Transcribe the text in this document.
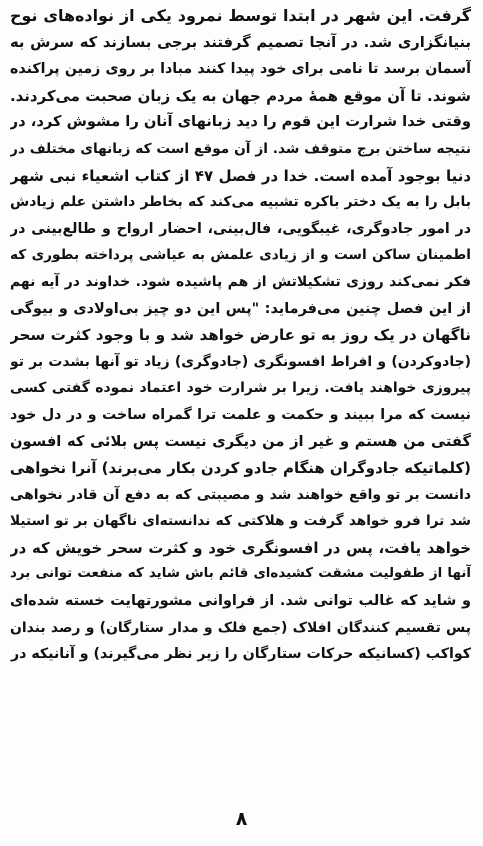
گرفت. این شهر در ابتدا توسط نمرود یکی از نوادەهای نوح
بنیانگزاری شد. در آنجا تصمیم گرفتند برجی بسازند که سرش به
آسمان برسد تا نامی برای خود پیدا کنند مبادا بر روی زمین پراکنده
شوند. تا آن موقع همهٔ مردم جهان به یک زبان صحبت می‌کردند.
وقتی خدا شرارت این قوم را دید زبانهای آنان را مشوش کرد، در
نتیجه ساختن برج متوقف شد. از آن موقع است که زبانهای مختلف در
دنیا بوجود آمده است. خدا در فصل ۴۷ از کتاب اشعیاء نبی شهر
بابل را به یک دختر باکره تشبیه می‌کند که بخاطر داشتن علم زیادش
در امور جادوگری، غیبگویی، فال‌بینی، احضار ارواح و طالع‌بینی در
اطمینان ساکن است و از زیادی علمش به عیاشی پرداخته بطوری که
فکر نمی‌کند روزی تشکیلاتش از هم پاشیده شود. خداوند در آیه نهم
از این فصل چنین می‌فرماید: "پس این دو چیز بی‌اولادی و بیوگی
ناگهان در یک روز به تو عارض خواهد شد و با وجود کثرت سحر
(جادوکردن) و افراط افسونگری (جادوگری) زیاد تو آنها بشدت بر تو
پیروزی خواهند یافت. زیرا بر شرارت خود اعتماد نموده گفتی کسی
نیست که مرا ببیند و حکمت و علمت ترا گمراه ساخت و در دل خود
گفتی من هستم و غیر از من دیگری نیست پس بلائی که افسون
(کلماتیکه جادوگران هنگام جادو کردن بکار می‌برند) آنرا نخواهی
دانست بر تو واقع خواهند شد و مصیبتی که به دفع آن قادر نخواهی
شد ترا فرو خواهد گرفت و هلاکتی که ندانسته‌ای ناگهان بر تو استیلا
خواهد یافت، پس در افسونگری خود و کثرت سحر خویش که در
آنها از طفولیت مشقت کشیده‌ای قائم باش شاید که منفعت توانی برد
و شاید که غالب توانی شد. از فراوانی مشورتهایت خسته شده‌ای
پس تقسیم کنندگان افلاک (جمع فلک و مدار ستارگان) و رصد بندان
کواکب (کسانیکه حرکات ستارگان را زیر نظر می‌گیرند) و آنانیکه در
۸
